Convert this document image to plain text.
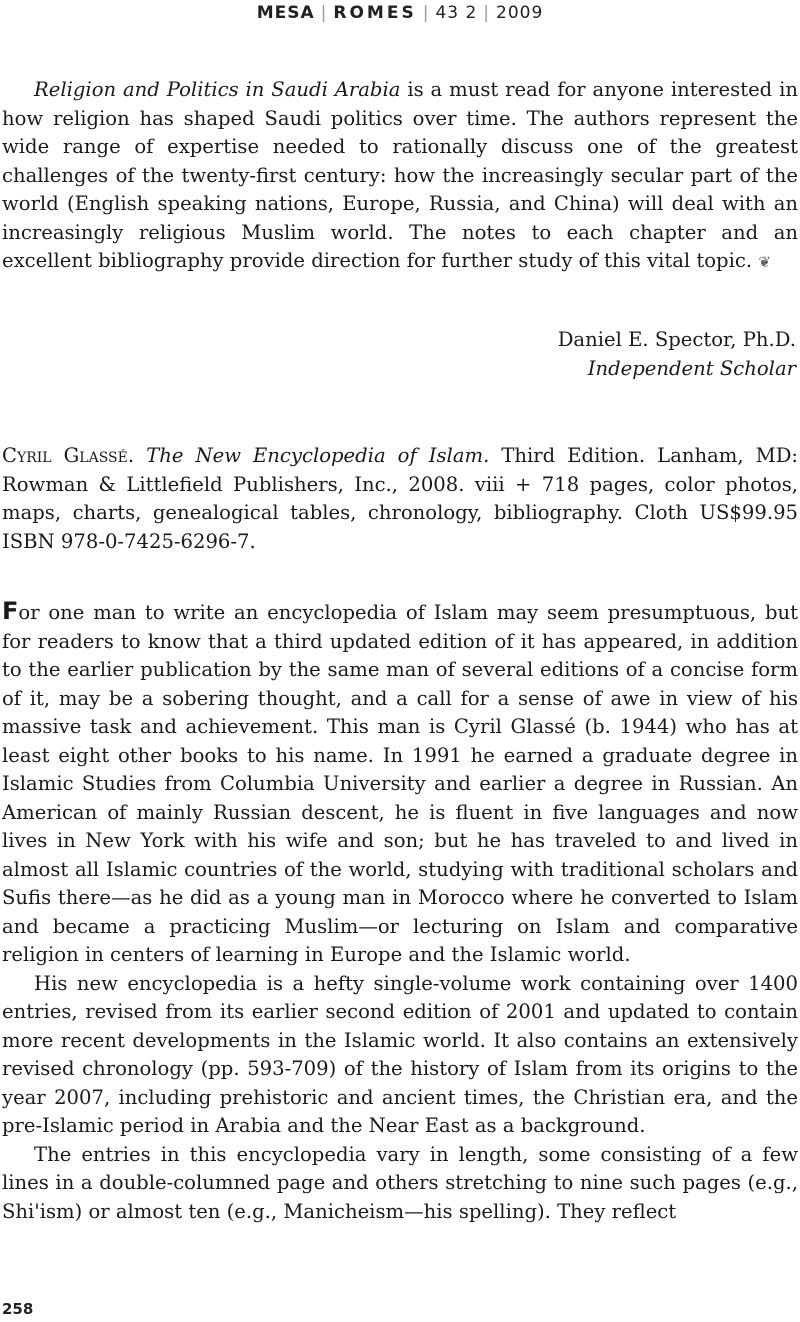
MESA | ROMES | 43 2 | 2009

Religion and Politics in Saudi Arabia is a must read for anyone interested in how religion has shaped Saudi politics over time. The authors represent the wide range of expertise needed to rationally discuss one of the greatest challenges of the twenty-first century: how the increasingly secular part of the world (English speaking nations, Europe, Russia, and China) will deal with an increasingly religious Muslim world. The notes to each chapter and an excellent bibliography provide direction for further study of this vital topic. ❦

Daniel E. Spector, Ph.D.
Independent Scholar

Cyril Glassé. The New Encyclopedia of Islam. Third Edition. Lanham, MD: Rowman & Littlefield Publishers, Inc., 2008. viii + 718 pages, color photos, maps, charts, genealogical tables, chronology, bibliography. Cloth US$99.95 ISBN 978-0-7425-6296-7.

For one man to write an encyclopedia of Islam may seem presumptuous, but for readers to know that a third updated edition of it has appeared, in addition to the earlier publication by the same man of several editions of a concise form of it, may be a sobering thought, and a call for a sense of awe in view of his massive task and achievement. This man is Cyril Glassé (b. 1944) who has at least eight other books to his name. In 1991 he earned a graduate degree in Islamic Studies from Columbia University and earlier a degree in Russian. An American of mainly Russian descent, he is fluent in five languages and now lives in New York with his wife and son; but he has traveled to and lived in almost all Islamic countries of the world, studying with traditional scholars and Sufis there—as he did as a young man in Morocco where he converted to Islam and became a practicing Muslim—or lecturing on Islam and comparative religion in centers of learning in Europe and the Islamic world.

His new encyclopedia is a hefty single-volume work containing over 1400 entries, revised from its earlier second edition of 2001 and updated to contain more recent developments in the Islamic world. It also contains an extensively revised chronology (pp. 593-709) of the history of Islam from its origins to the year 2007, including prehistoric and ancient times, the Christian era, and the pre-Islamic period in Arabia and the Near East as a background.

The entries in this encyclopedia vary in length, some consisting of a few lines in a double-columned page and others stretching to nine such pages (e.g., Shi'ism) or almost ten (e.g., Manicheism—his spelling). They reflect

258
